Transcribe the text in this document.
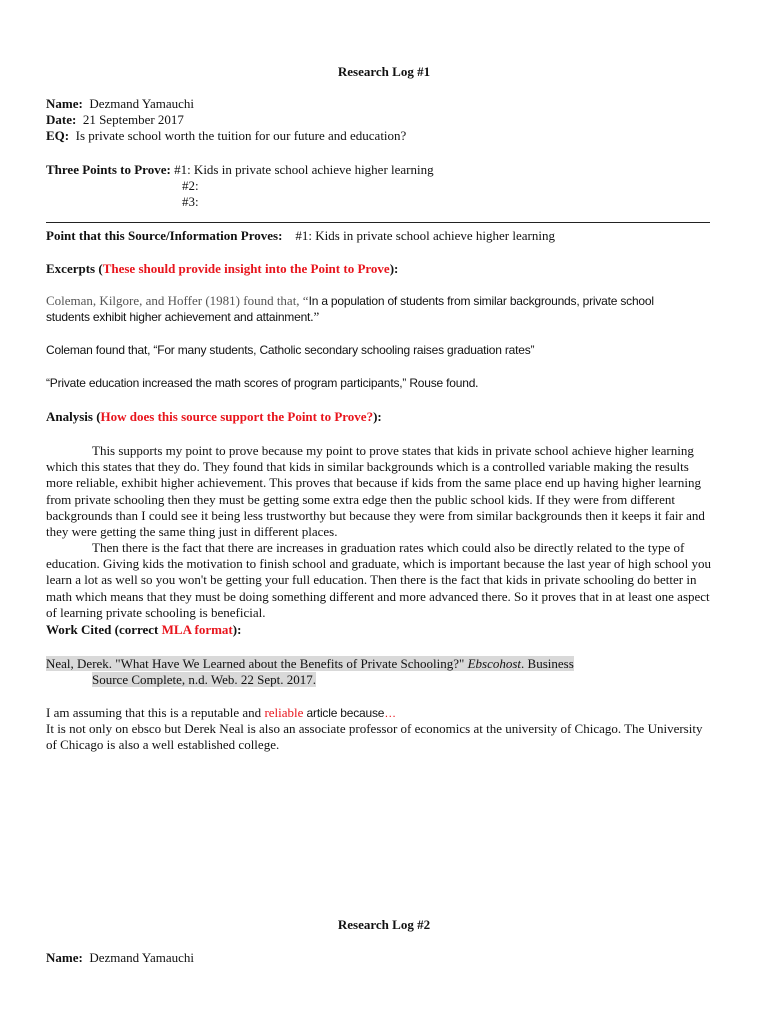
Research Log #1
Name: Dezmand Yamauchi
Date: 21 September 2017
EQ: Is private school worth the tuition for our future and education?
Three Points to Prove: #1: Kids in private school achieve higher learning
#2:
#3:
Point that this Source/Information Proves: #1: Kids in private school achieve higher learning
Excerpts (These should provide insight into the Point to Prove):
Coleman, Kilgore, and Hoffer (1981) found that, “In a population of students from similar backgrounds, private school
students exhibit higher achievement and attainment.”
Coleman found that, “For many students, Catholic secondary schooling raises graduation rates”
“Private education increased the math scores of program participants,” Rouse found.
Analysis (How does this source support the Point to Prove?):
This supports my point to prove because my point to prove states that kids in private school achieve higher learning which this states that they do. They found that kids in similar backgrounds which is a controlled variable making the results more reliable, exhibit higher achievement. This proves that because if kids from the same place end up having higher learning from private schooling then they must be getting some extra edge then the public school kids. If they were from different backgrounds than I could see it being less trustworthy but because they were from similar backgrounds then it keeps it fair and they were getting the same thing just in different places.
Then there is the fact that there are increases in graduation rates which could also be directly related to the type of education. Giving kids the motivation to finish school and graduate, which is important because the last year of high school you learn a lot as well so you won't be getting your full education. Then there is the fact that kids in private schooling do better in math which means that they must be doing something different and more advanced there. So it proves that in at least one aspect of learning private schooling is beneficial.
Work Cited (correct MLA format):
Neal, Derek. "What Have We Learned about the Benefits of Private Schooling?" Ebscohost. Business
Source Complete, n.d. Web. 22 Sept. 2017.
I am assuming that this is a reputable and reliable article because…
It is not only on ebsco but Derek Neal is also an associate professor of economics at the university of Chicago. The University of Chicago is also a well established college.
Research Log #2
Name: Dezmand Yamauchi
